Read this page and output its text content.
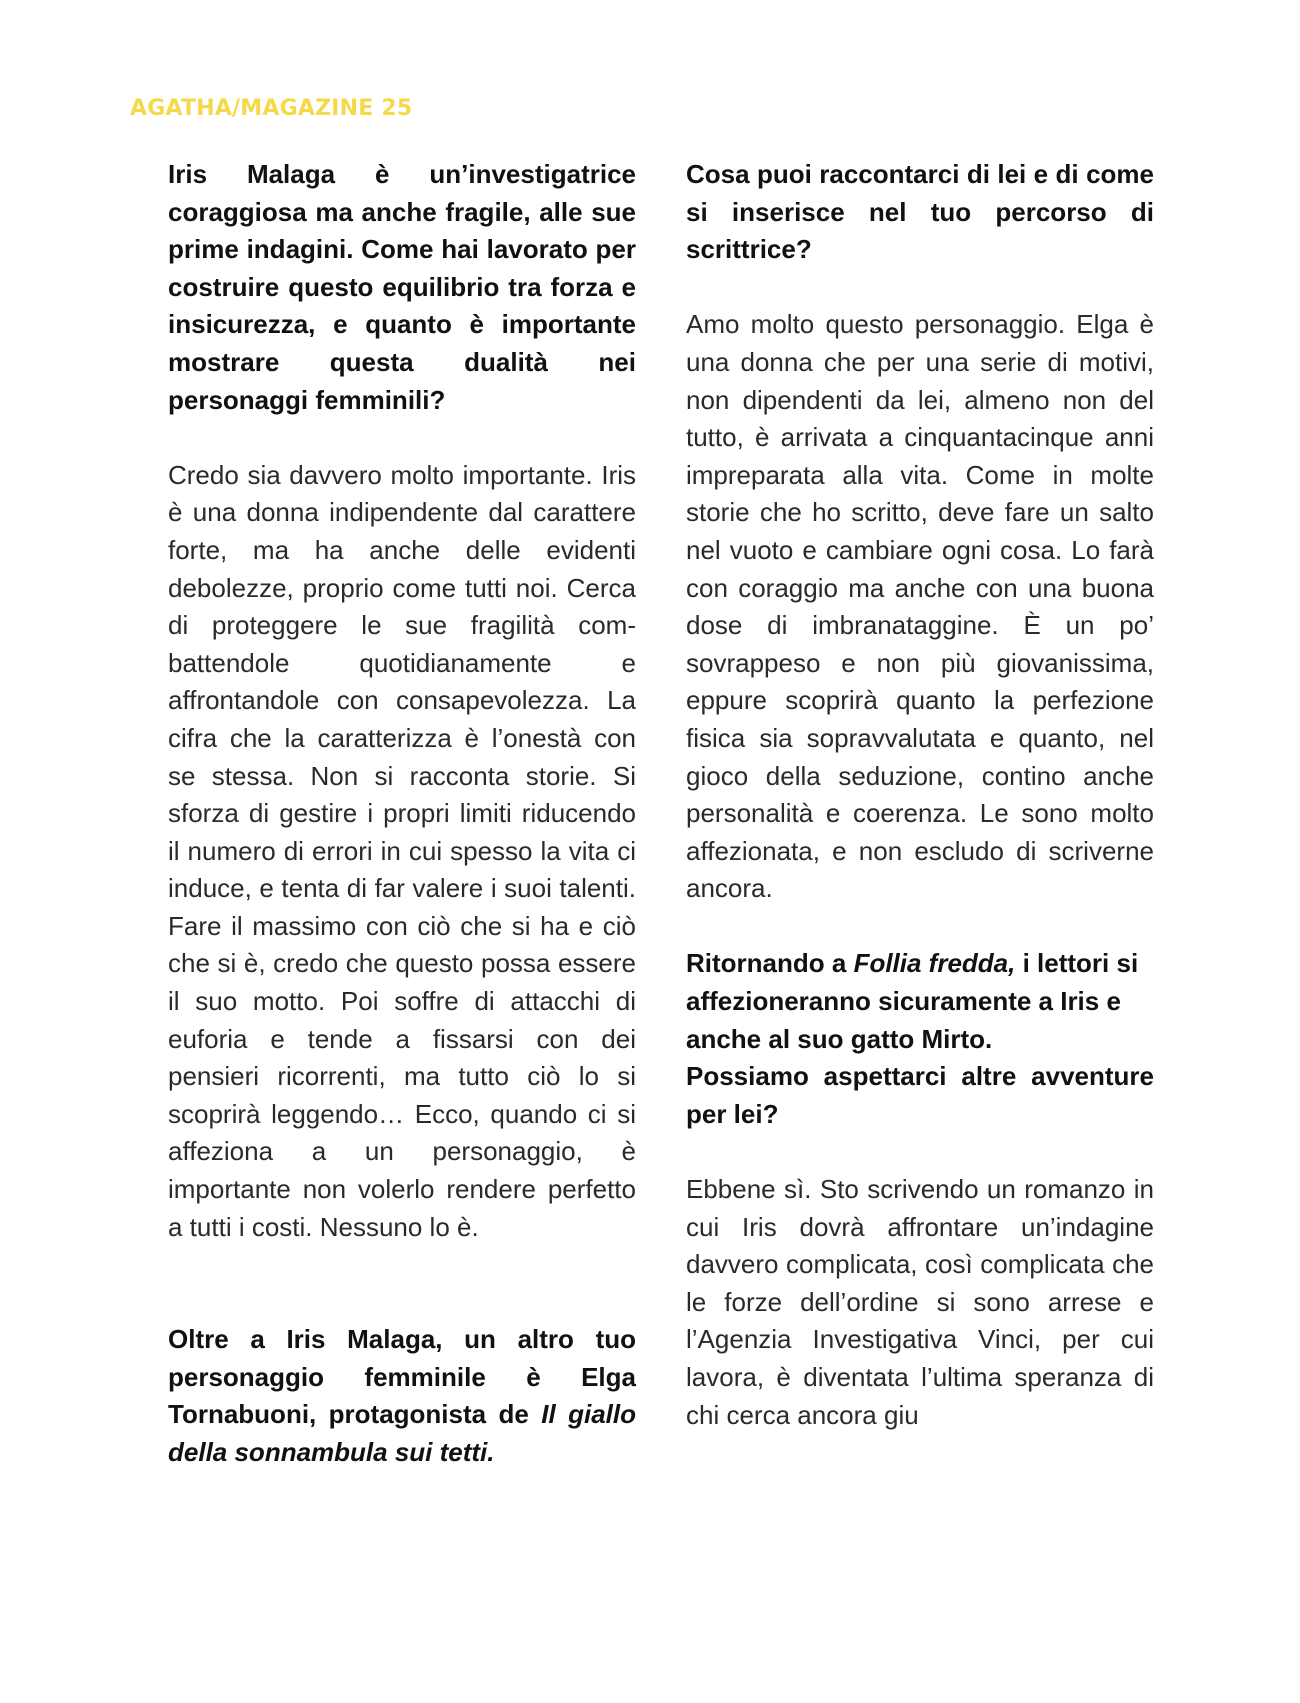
AGATHA/MAGAZINE 25

Iris Malaga è un’investigatrice coraggiosa ma anche fragile, alle sue prime indagini. Come hai lavorato per costruire questo equilibrio tra forza e insicurezza, e quanto è importante mostrare questa dualità nei personaggi femminili?

Credo sia davvero molto importante. Iris è una donna indipendente dal carattere forte, ma ha anche delle evidenti debolezze, proprio come tutti noi. Cerca di proteggere le sue fragilità combattendole quotidianamente e affrontandole con consapevolezza. La cifra che la caratterizza è l’onestà con se stessa. Non si racconta storie. Si sforza di gestire i propri limiti riducendo il numero di errori in cui spesso la vita ci induce, e tenta di far valere i suoi talenti. Fare il massimo con ciò che si ha e ciò che si è, credo che questo possa essere il suo motto. Poi soffre di attacchi di euforia e tende a fissarsi con dei pensieri ricorrenti, ma tutto ciò lo si scoprirà leggendo… Ecco, quando ci si affeziona a un personaggio, è importante non volerlo rendere perfetto a tutti i costi. Nessuno lo è.

Oltre a Iris Malaga, un altro tuo personaggio femminile è Elga Tornabuoni, protagonista de Il giallo della sonnambula sui tetti.

Cosa puoi raccontarci di lei e di come si inserisce nel tuo percorso di scrittrice?

Amo molto questo personaggio. Elga è una donna che per una serie di motivi, non dipendenti da lei, almeno non del tutto, è arrivata a cinquantacinque anni impreparata alla vita. Come in molte storie che ho scritto, deve fare un salto nel vuoto e cambiare ogni cosa. Lo farà con coraggio ma anche con una buona dose di imbranataggine. È un po’ sovrappeso e non più giovanissima, eppure scoprirà quanto la perfezione fisica sia sopravvalutata e quanto, nel gioco della seduzione, contino anche personalità e coerenza. Le sono molto affezionata, e non escludo di scriverne ancora.

Ritornando a Follia fredda, i lettori si affezioneranno sicuramente a Iris e anche al suo gatto Mirto.

Possiamo aspettarci altre avventure per lei?

Ebbene sì. Sto scrivendo un romanzo in cui Iris dovrà affrontare un’indagine davvero complicata, così complicata che le forze dell’ordine si sono arrese e l’Agenzia Investigativa Vinci, per cui lavora, è diventata l’ultima speranza di chi cerca ancora giu
